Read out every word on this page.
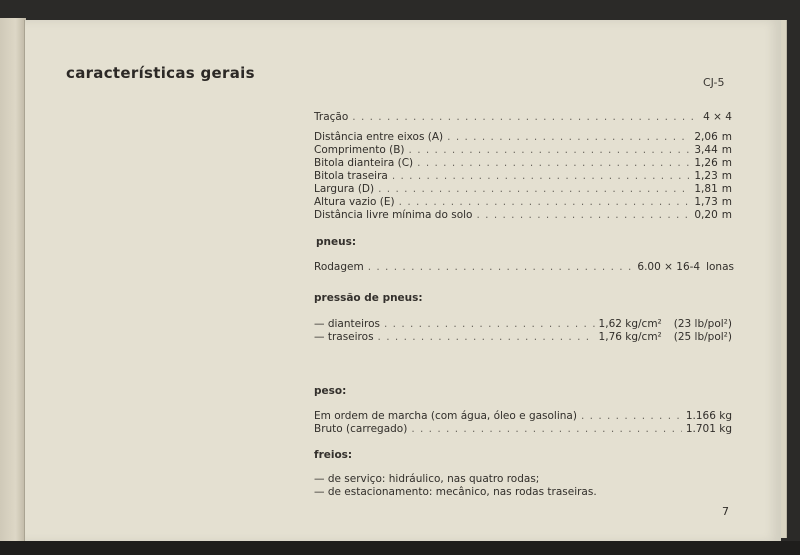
características gerais
CJ-5
Tração . . .	4 × 4
Distância entre eixos (A) . . .	2,06 m
Comprimento (B) . . .	3,44 m
Bitola dianteira (C) . . .	1,26 m
Bitola traseira . . .	1,23 m
Largura (D) . . .	1,81 m
Altura vazio (E) . . .	1,73 m
Distância livre mínima do solo . . .	0,20 m
pneus:
Rodagem . . .	6.00 × 16-4 lonas
pressão de pneus:
— dianteiros . . .	1,62 kg/cm² (23 lb/pol²)
— traseiros . . .	1,76 kg/cm² (25 lb/pol²)
peso:
Em ordem de marcha (com água, óleo e gasolina) . . .	1.166 kg
Bruto (carregado) . . .	1.701 kg
freios:
— de serviço: hidráulico, nas quatro rodas;
— de estacionamento: mecânico, nas rodas traseiras.
7
